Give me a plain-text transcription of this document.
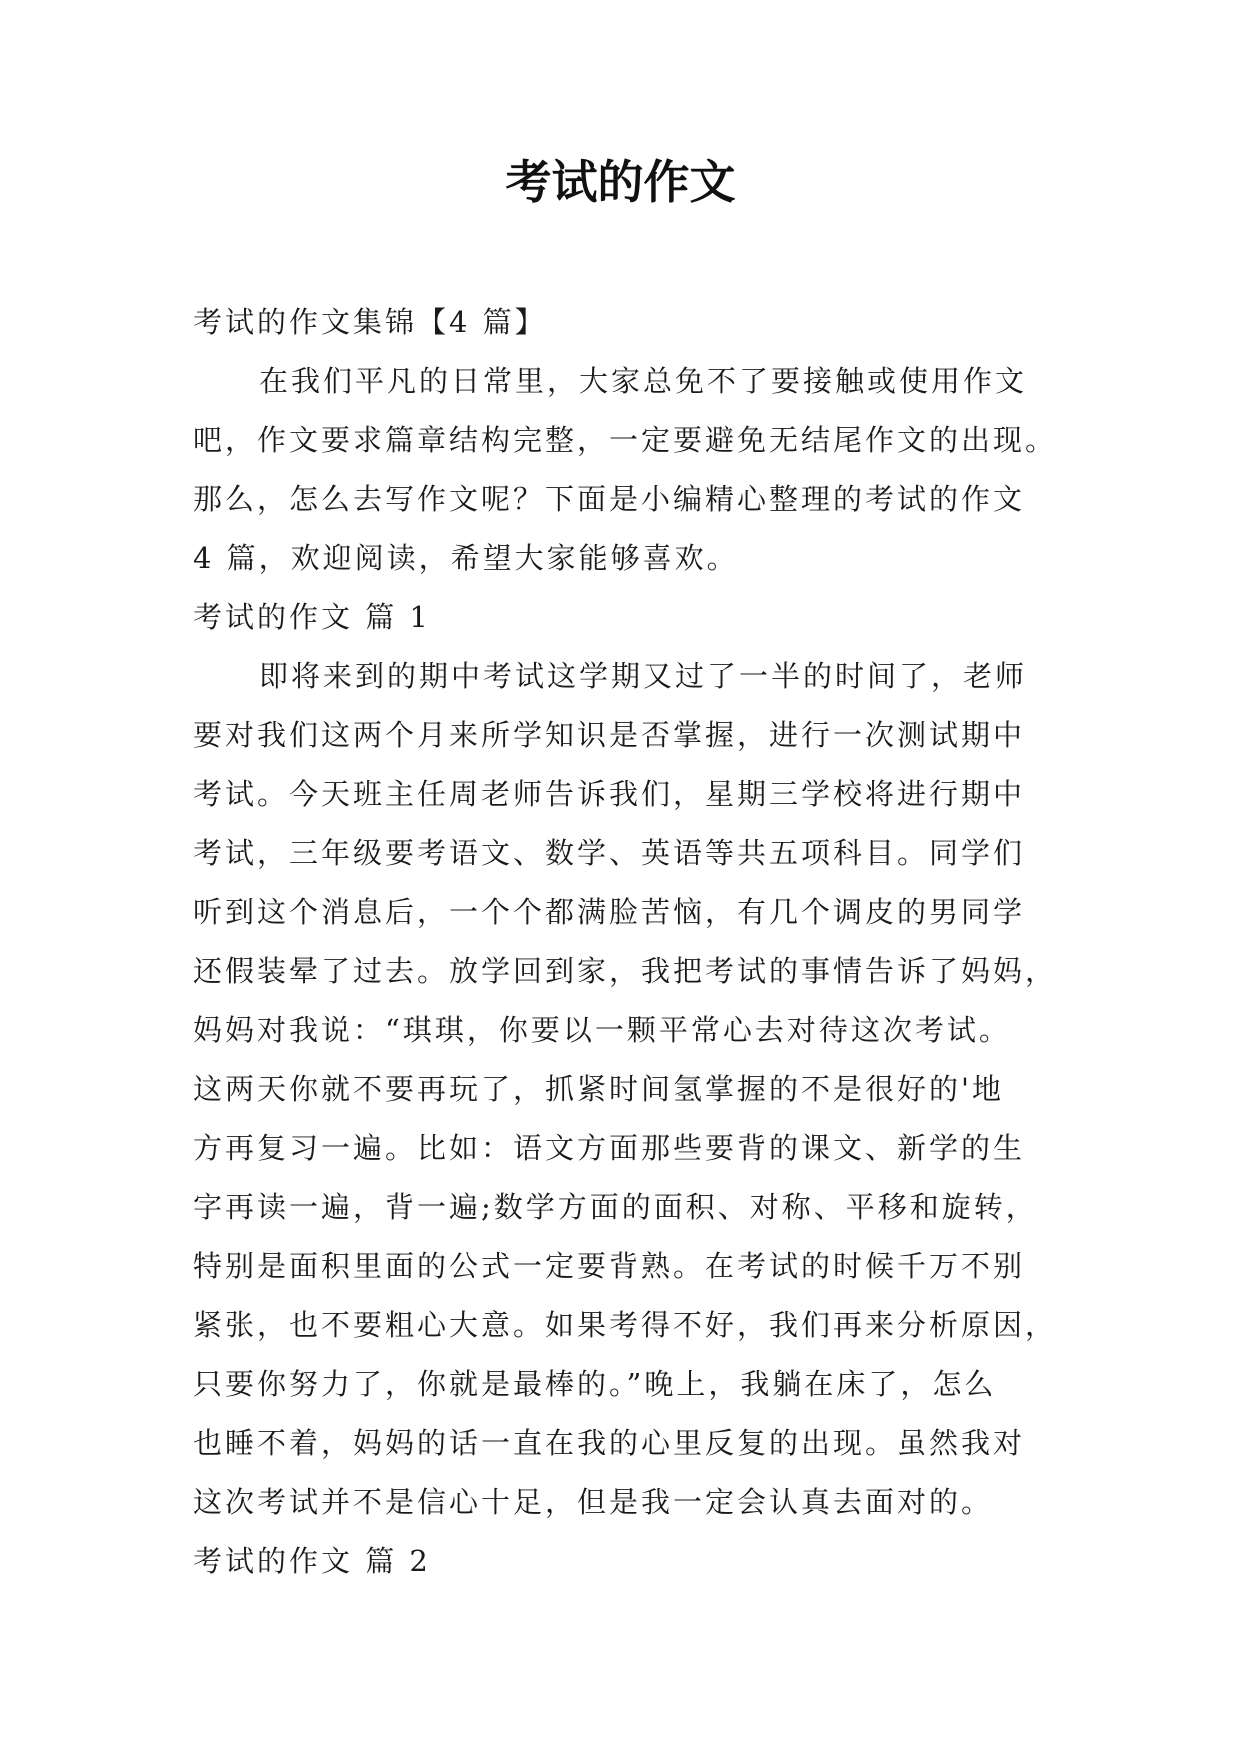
考试的作文
考试的作文集锦【4 篇】
在我们平凡的日常里，大家总免不了要接触或使用作文
吧，作文要求篇章结构完整，一定要避免无结尾作文的出现。
那么，怎么去写作文呢？下面是小编精心整理的考试的作文
4 篇，欢迎阅读，希望大家能够喜欢。
考试的作文 篇 1
即将来到的期中考试这学期又过了一半的时间了，老师
要对我们这两个月来所学知识是否掌握，进行一次测试期中
考试。今天班主任周老师告诉我们，星期三学校将进行期中
考试，三年级要考语文、数学、英语等共五项科目。同学们
听到这个消息后，一个个都满脸苦恼，有几个调皮的男同学
还假装晕了过去。放学回到家，我把考试的事情告诉了妈妈，
妈妈对我说：“琪琪，你要以一颗平常心去对待这次考试。
这两天你就不要再玩了，抓紧时间氢掌握的不是很好的'地
方再复习一遍。比如：语文方面那些要背的课文、新学的生
字再读一遍，背一遍;数学方面的面积、对称、平移和旋转，
特别是面积里面的公式一定要背熟。在考试的时候千万不别
紧张，也不要粗心大意。如果考得不好，我们再来分析原因，
只要你努力了，你就是最棒的。”晚上，我躺在床了，怎么
也睡不着，妈妈的话一直在我的心里反复的出现。虽然我对
这次考试并不是信心十足，但是我一定会认真去面对的。
考试的作文 篇 2
